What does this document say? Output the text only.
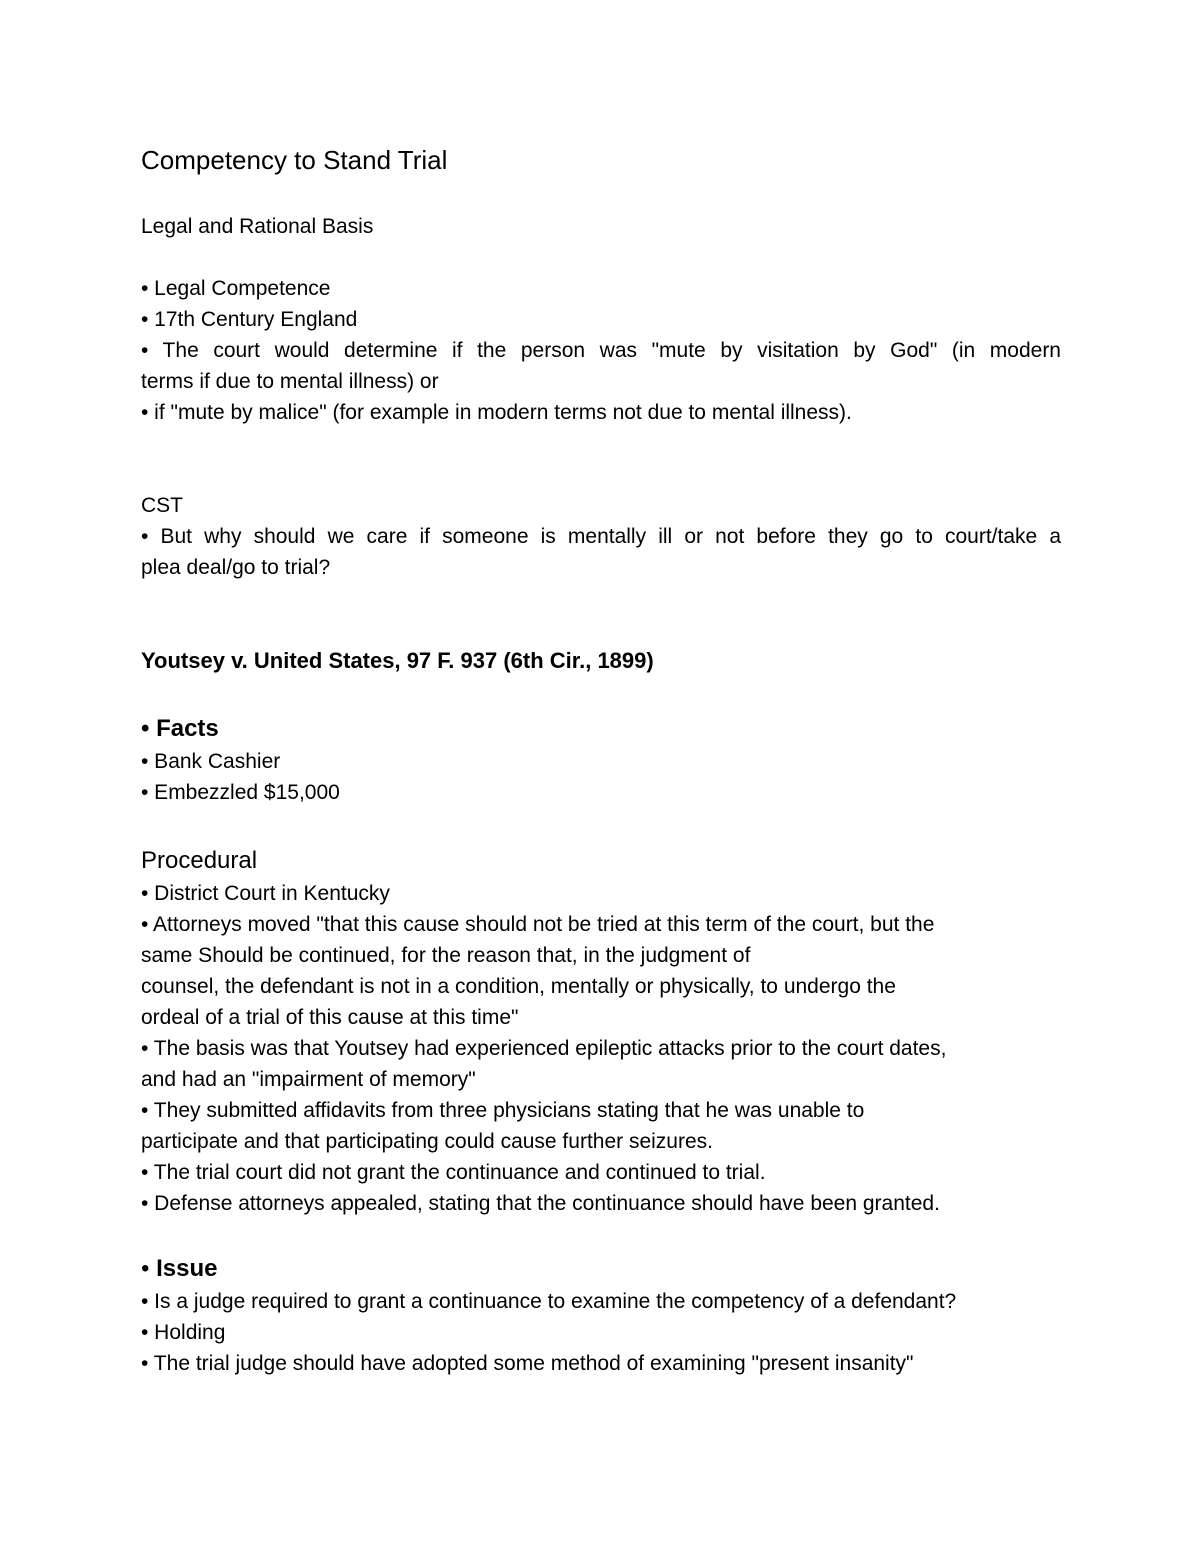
Competency to Stand Trial
Legal and Rational Basis
• Legal Competence
• 17th Century England
• The court would determine if the person was "mute by visitation by God" (in modern
terms if due to mental illness) or
• if "mute by malice" (for example in modern terms not due to mental illness).
CST
• But why should we care if someone is mentally ill or not before they go to court/take a
plea deal/go to trial?
Youtsey v. United States, 97 F. 937 (6th Cir., 1899)
• Facts
• Bank Cashier
• Embezzled $15,000
Procedural
• District Court in Kentucky
• Attorneys moved "that this cause should not be tried at this term of the court, but the
same Should be continued, for the reason that, in the judgment of
counsel, the defendant is not in a condition, mentally or physically, to undergo the
ordeal of a trial of this cause at this time"
• The basis was that Youtsey had experienced epileptic attacks prior to the court dates,
and had an "impairment of memory"
• They submitted affidavits from three physicians stating that he was unable to
participate and that participating could cause further seizures.
• The trial court did not grant the continuance and continued to trial.
• Defense attorneys appealed, stating that the continuance should have been granted.
• Issue
• Is a judge required to grant a continuance to examine the competency of a defendant?
• Holding
• The trial judge should have adopted some method of examining "present insanity"
